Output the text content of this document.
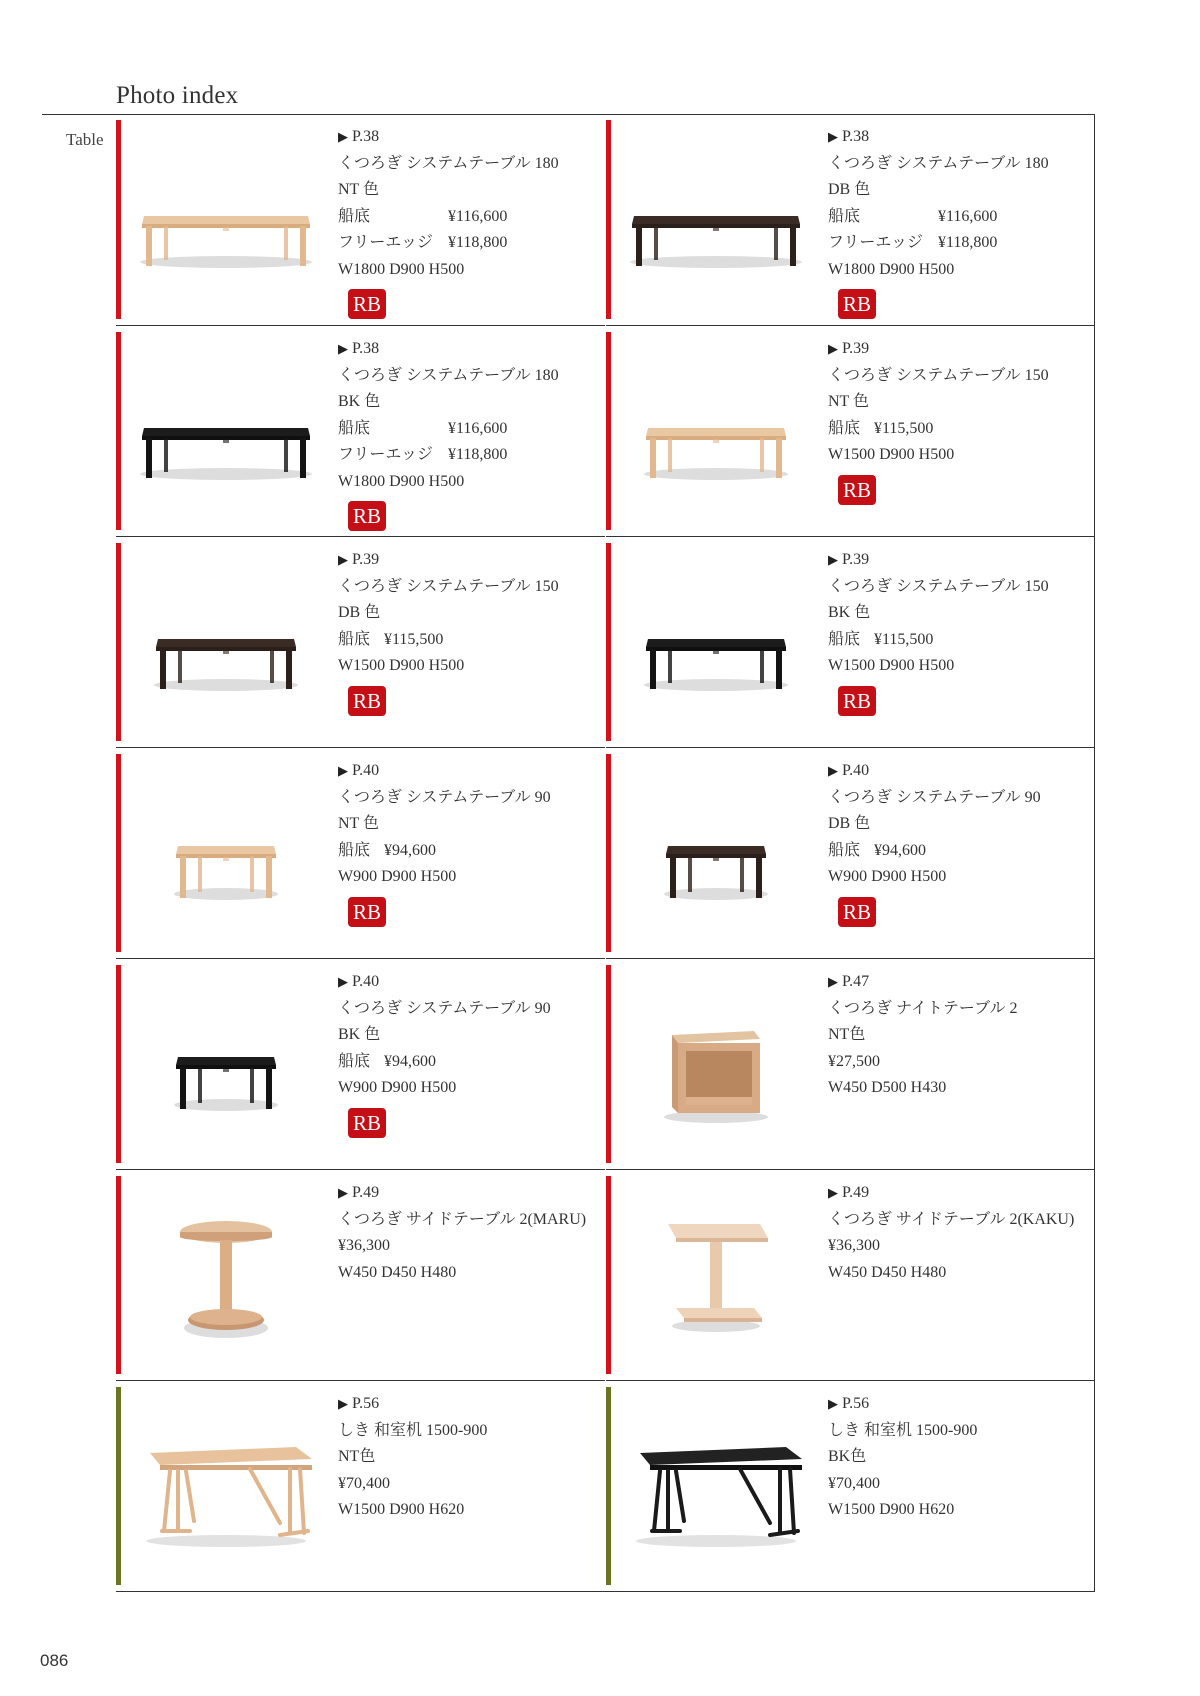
Photo index
Table	▶ P.38
くつろぎ システムテーブル 180
NT 色
船底	¥116,600
フリーエッジ ¥118,800
W1800 D900 H500
RB
▶ P.38
くつろぎ システムテーブル 180
DB 色
船底	¥116,600
フリーエッジ ¥118,800
W1800 D900 H500
RB
▶ P.38
くつろぎ システムテーブル 180
BK 色
船底	¥116,600
フリーエッジ ¥118,800
W1800 D900 H500
RB
▶ P.39
くつろぎ システムテーブル 150
NT 色
船底 ¥115,500
W1500 D900 H500
RB
▶ P.39
くつろぎ システムテーブル 150
DB 色
船底 ¥115,500
W1500 D900 H500
RB
▶ P.39
くつろぎ システムテーブル 150
BK 色
船底 ¥115,500
W1500 D900 H500
RB
▶ P.40
くつろぎ システムテーブル 90
NT 色
船底 ¥94,600
W900 D900 H500
RB
▶ P.40
くつろぎ システムテーブル 90
DB 色
船底 ¥94,600
W900 D900 H500
RB
▶ P.40
くつろぎ システムテーブル 90
BK 色
船底 ¥94,600
W900 D900 H500
RB
▶ P.47
くつろぎ ナイトテーブル 2
NT色
¥27,500
W450 D500 H430
▶ P.49
くつろぎ サイドテーブル 2(MARU)
¥36,300
W450 D450 H480
▶ P.49
くつろぎ サイドテーブル 2(KAKU)
¥36,300
W450 D450 H480
▶ P.56
しき 和室机 1500-900
NT色
¥70,400
W1500 D900 H620
▶ P.56
しき 和室机 1500-900
BK色
¥70,400
W1500 D900 H620
086
